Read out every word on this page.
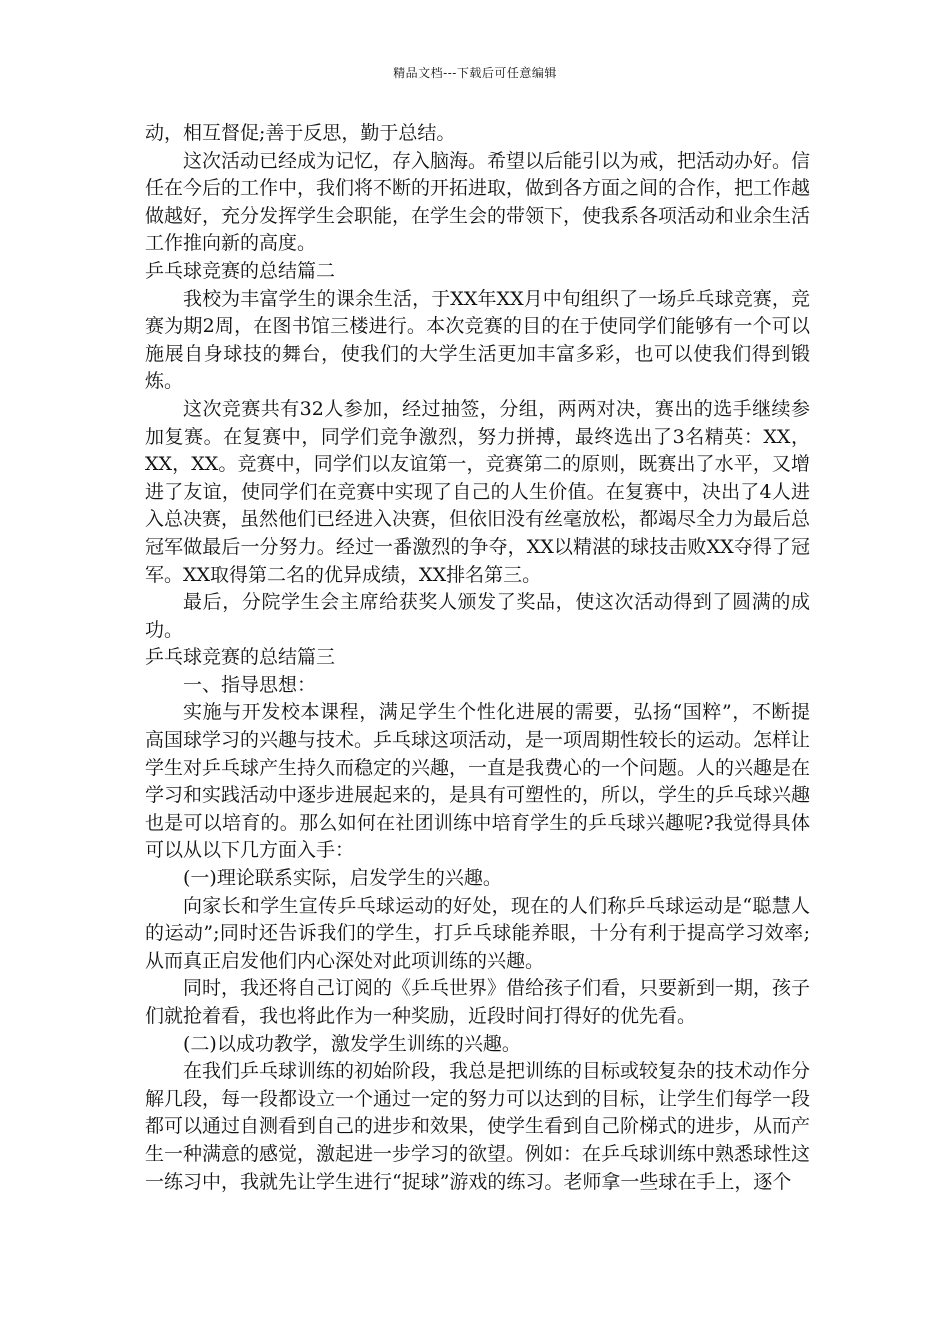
精品文档---下载后可任意编辑

动，相互督促;善于反思，勤于总结。

这次活动已经成为记忆，存入脑海。希望以后能引以为戒，把活动办好。信任在今后的工作中，我们将不断的开拓进取，做到各方面之间的合作，把工作越做越好，充分发挥学生会职能，在学生会的带领下，使我系各项活动和业余生活工作推向新的高度。

乒乓球竞赛的总结篇二

我校为丰富学生的课余生活，于XX年XX月中旬组织了一场乒乓球竞赛，竞赛为期2周，在图书馆三楼进行。本次竞赛的目的在于使同学们能够有一个可以施展自身球技的舞台，使我们的大学生活更加丰富多彩，也可以使我们得到锻炼。

这次竞赛共有32人参加，经过抽签，分组，两两对决，赛出的选手继续参加复赛。在复赛中，同学们竞争激烈，努力拼搏，最终选出了3名精英：XX，XX，XX。竞赛中，同学们以友谊第一，竞赛第二的原则，既赛出了水平，又增进了友谊，使同学们在竞赛中实现了自己的人生价值。在复赛中，决出了4人进入总决赛，虽然他们已经进入决赛，但依旧没有丝毫放松，都竭尽全力为最后总冠军做最后一分努力。经过一番激烈的争夺，XX以精湛的球技击败XX夺得了冠军。XX取得第二名的优异成绩，XX排名第三。

最后，分院学生会主席给获奖人颁发了奖品，使这次活动得到了圆满的成功。

乒乓球竞赛的总结篇三

一、指导思想：

实施与开发校本课程，满足学生个性化进展的需要，弘扬“国粹”，不断提高国球学习的兴趣与技术。乒乓球这项活动，是一项周期性较长的运动。怎样让学生对乒乓球产生持久而稳定的兴趣，一直是我费心的一个问题。人的兴趣是在学习和实践活动中逐步进展起来的，是具有可塑性的，所以，学生的乒乓球兴趣也是可以培育的。那么如何在社团训练中培育学生的乒乓球兴趣呢?我觉得具体可以从以下几方面入手：

(一)理论联系实际，启发学生的兴趣。

向家长和学生宣传乒乓球运动的好处，现在的人们称乒乓球运动是“聪慧人的运动”;同时还告诉我们的学生，打乒乓球能养眼，十分有利于提高学习效率;从而真正启发他们内心深处对此项训练的兴趣。

同时，我还将自己订阅的《乒乓世界》借给孩子们看，只要新到一期，孩子们就抢着看，我也将此作为一种奖励，近段时间打得好的优先看。

(二)以成功教学，激发学生训练的兴趣。

在我们乒乓球训练的初始阶段，我总是把训练的目标或较复杂的技术动作分解几段，每一段都设立一个通过一定的努力可以达到的目标，让学生们每学一段都可以通过自测看到自己的进步和效果，使学生看到自己阶梯式的进步，从而产生一种满意的感觉，激起进一步学习的欲望。例如：在乒乓球训练中熟悉球性这一练习中，我就先让学生进行“捉球”游戏的练习。老师拿一些球在手上，逐个
